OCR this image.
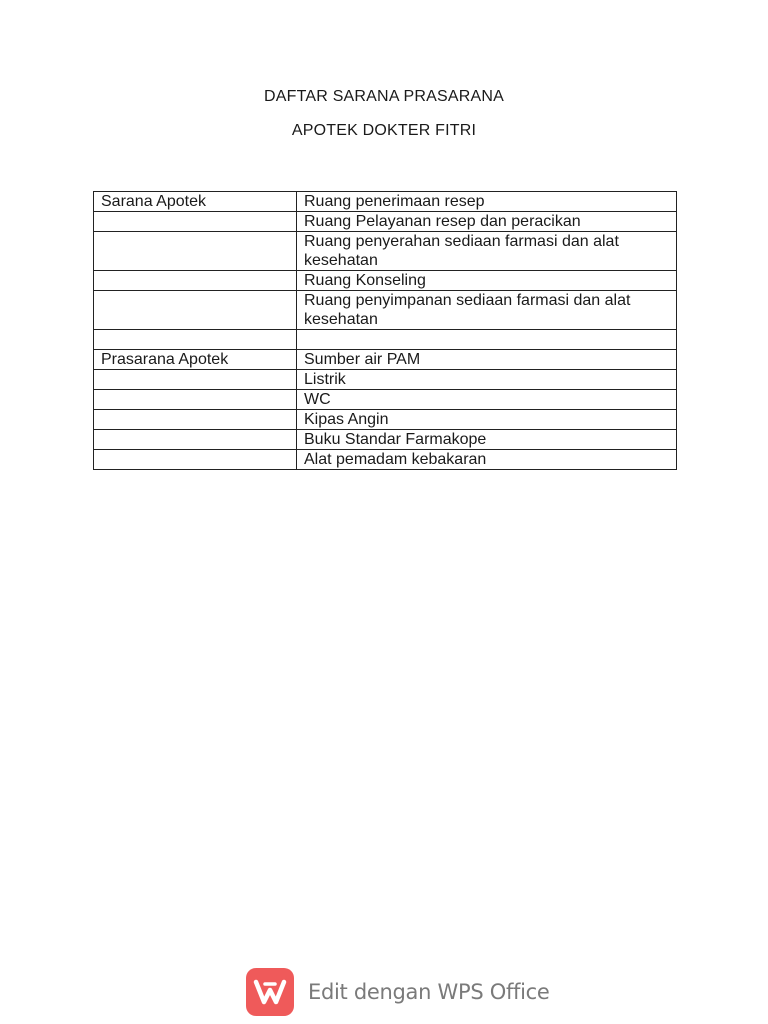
DAFTAR SARANA PRASARANA
APOTEK DOKTER FITRI
Sarana Apotek	Ruang penerimaan resep
	Ruang Pelayanan resep dan peracikan
	Ruang penyerahan sediaan farmasi dan alat kesehatan
	Ruang Konseling
	Ruang penyimpanan sediaan farmasi dan alat kesehatan

Prasarana Apotek	Sumber air PAM
	Listrik
	WC
	Kipas Angin
	Buku Standar Farmakope
	Alat pemadam kebakaran
Edit dengan WPS Office
